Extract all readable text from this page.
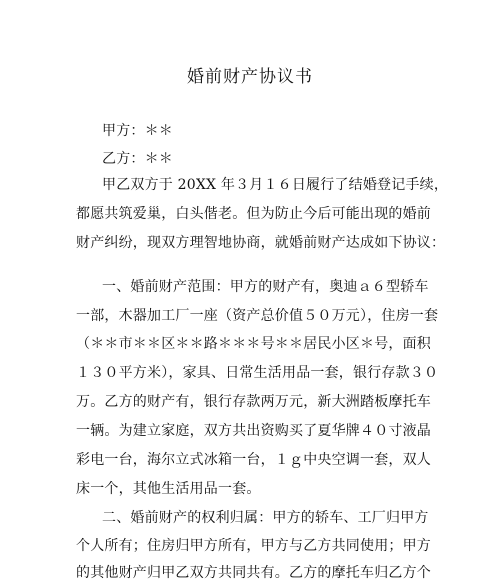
婚前财产协议书
甲方：＊＊
乙方：＊＊
甲乙双方于 20XX 年３月１６日履行了结婚登记手续，
都愿共筑爱巢，白头偕老。但为防止今后可能出现的婚前
财产纠纷，现双方理智地协商，就婚前财产达成如下协议：
一、婚前财产范围：甲方的财产有，奥迪ａ６型轿车
一部，木器加工厂一座（资产总价值５０万元），住房一套
（＊＊市＊＊区＊＊路＊＊＊号＊＊居民小区＊号，面积
１３０平方米），家具、日常生活用品一套，银行存款３０
万。乙方的财产有，银行存款两万元，新大洲踏板摩托车
一辆。为建立家庭，双方共出资购买了夏华牌４０寸液晶
彩电一台，海尔立式冰箱一台，１ｇ中央空调一套，双人
床一个，其他生活用品一套。
二、婚前财产的权利归属：甲方的轿车、工厂归甲方
个人所有；住房归甲方所有，甲方与乙方共同使用；甲方
的其他财产归甲乙双方共同共有。乙方的摩托车归乙方个
